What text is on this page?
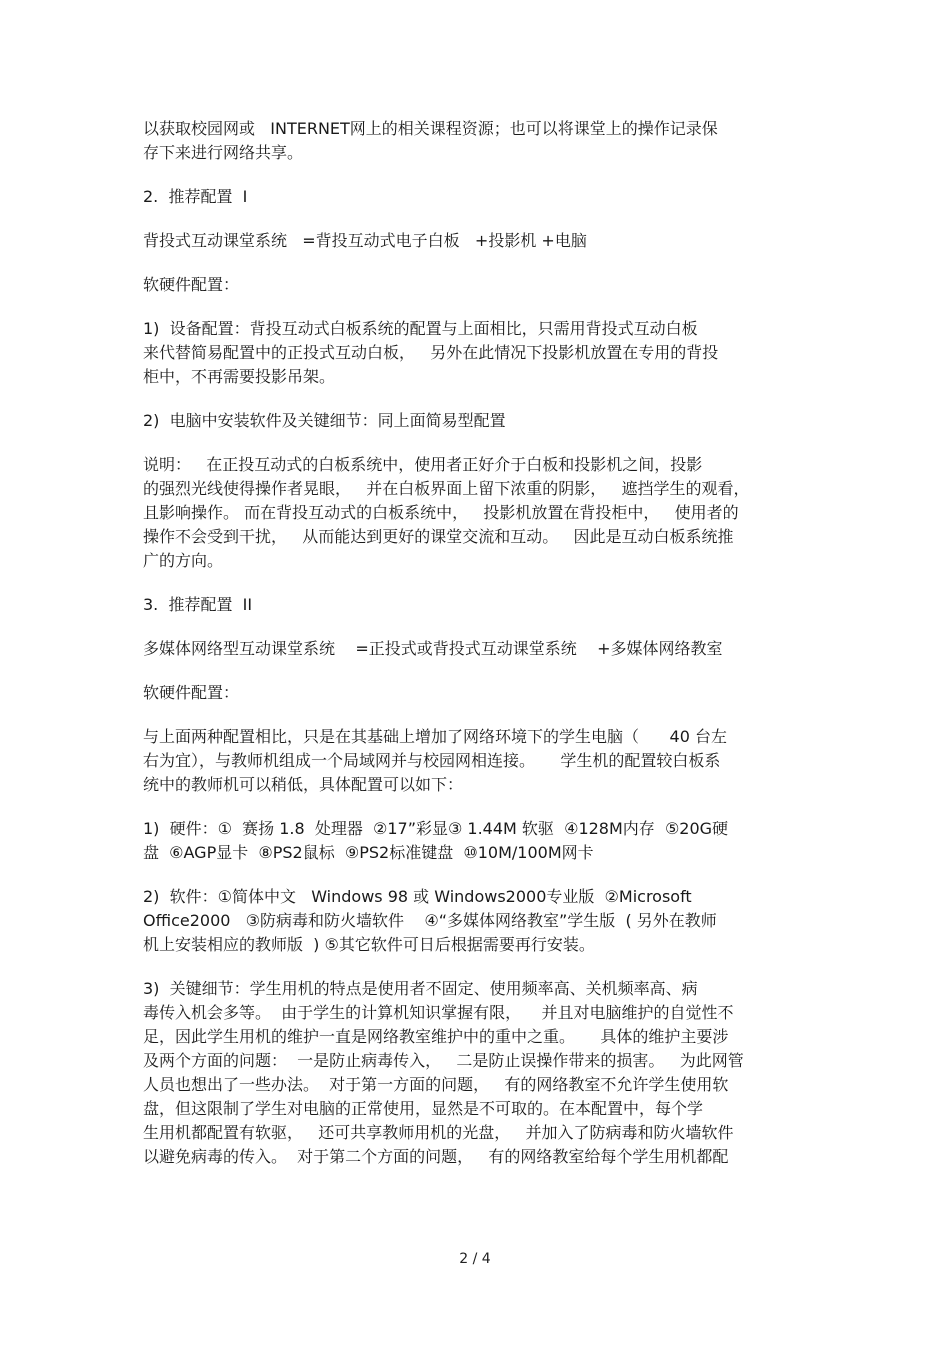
以获取校园网或   INTERNET网上的相关课程资源；也可以将课堂上的操作记录保
存下来进行网络共享。
2.  推荐配置  I
背投式互动课堂系统   =背投互动式电子白板   +投影机 +电脑
软硬件配置：
1)  设备配置：背投互动式白板系统的配置与上面相比，只需用背投式互动白板
来代替简易配置中的正投式互动白板，   另外在此情况下投影机放置在专用的背投
柜中，不再需要投影吊架。
2)  电脑中安装软件及关键细节：同上面简易型配置
说明：   在正投互动式的白板系统中，使用者正好介于白板和投影机之间，投影
的强烈光线使得操作者晃眼，   并在白板界面上留下浓重的阴影，   遮挡学生的观看，
且影响操作。 而在背投互动式的白板系统中，   投影机放置在背投柜中，   使用者的
操作不会受到干扰，   从而能达到更好的课堂交流和互动。   因此是互动白板系统推
广的方向。
3.  推荐配置  II
多媒体网络型互动课堂系统    =正投式或背投式互动课堂系统    +多媒体网络教室
软硬件配置：
与上面两种配置相比，只是在其基础上增加了网络环境下的学生电脑（      40 台左
右为宜），与教师机组成一个局域网并与校园网相连接。     学生机的配置较白板系
统中的教师机可以稍低，具体配置可以如下：
1)  硬件：①  赛扬 1.8  处理器  ②17”彩显③ 1.44M 软驱  ④128M内存  ⑤20G硬
盘  ⑥AGP显卡  ⑧PS2鼠标  ⑨PS2标准键盘  ⑩10M/100M网卡
2)  软件：①简体中文   Windows 98 或 Windows2000专业版  ②Microsoft
Office2000   ③防病毒和防火墙软件    ④“多媒体网络教室”学生版  ( 另外在教师
机上安装相应的教师版  ) ⑤其它软件可日后根据需要再行安装。
3)  关键细节：学生用机的特点是使用者不固定、使用频率高、关机频率高、病
毒传入机会多等。  由于学生的计算机知识掌握有限，    并且对电脑维护的自觉性不
足，因此学生用机的维护一直是网络教室维护中的重中之重。     具体的维护主要涉
及两个方面的问题：  一是防止病毒传入，   二是防止误操作带来的损害。   为此网管
人员也想出了一些办法。  对于第一方面的问题，   有的网络教室不允许学生使用软
盘，但这限制了学生对电脑的正常使用，显然是不可取的。在本配置中，每个学
生用机都配置有软驱，   还可共享教师用机的光盘，   并加入了防病毒和防火墙软件
以避免病毒的传入。  对于第二个方面的问题，   有的网络教室给每个学生用机都配
2 / 4
